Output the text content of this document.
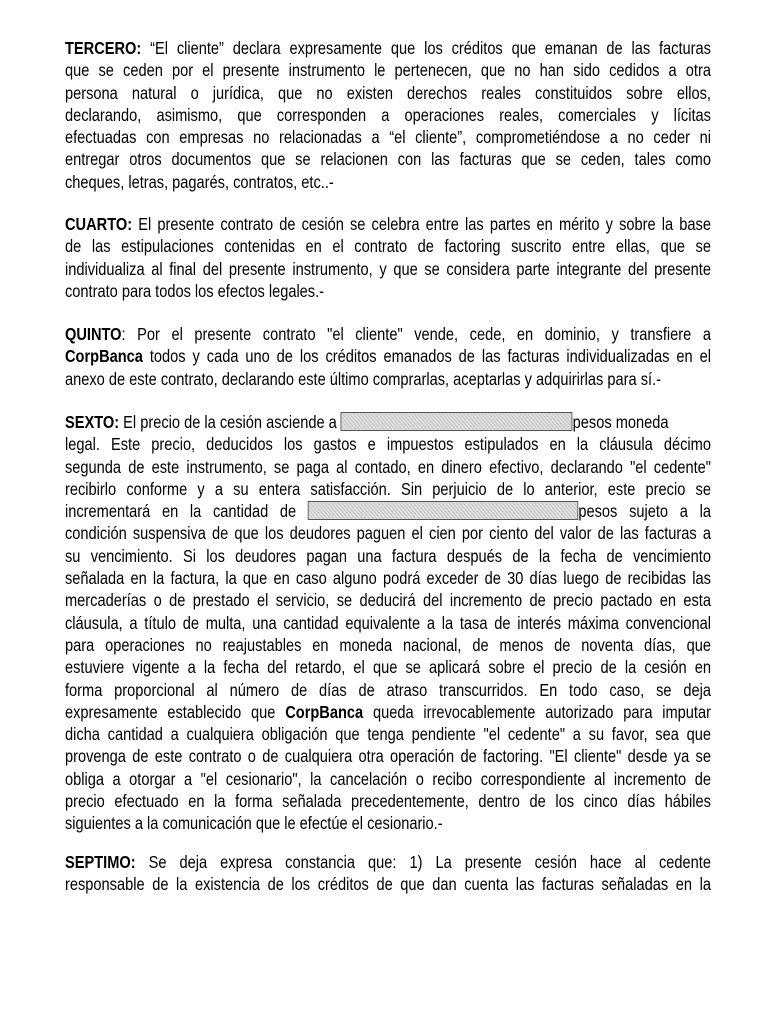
TERCERO: “El cliente” declara expresamente que los créditos que emanan de las facturas
que se ceden por el presente instrumento le pertenecen, que no han sido cedidos a otra
persona natural o jurídica, que no existen derechos reales constituidos sobre ellos,
declarando, asimismo, que corresponden a operaciones reales, comerciales y lícitas
efectuadas con empresas no relacionadas a “el cliente”, comprometiéndose a no ceder ni
entregar otros documentos que se relacionen con las facturas que se ceden, tales como
cheques, letras, pagarés, contratos, etc..-
CUARTO: El presente contrato de cesión se celebra entre las partes en mérito y sobre la base
de las estipulaciones contenidas en el contrato de factoring suscrito entre ellas, que se
individualiza al final del presente instrumento, y que se considera parte integrante del presente
contrato para todos los efectos legales.-
QUINTO: Por el presente contrato "el cliente" vende, cede, en dominio, y transfiere a
CorpBanca todos y cada uno de los créditos emanados de las facturas individualizadas en el
anexo de este contrato, declarando este último comprarlas, aceptarlas y adquirirlas para sí.-
SEXTO: El precio de la cesión asciende a	pesos moneda
legal. Este precio, deducidos los gastos e impuestos estipulados en la cláusula décimo
segunda de este instrumento, se paga al contado, en dinero efectivo, declarando "el cedente"
recibirlo conforme y a su entera satisfacción. Sin perjuicio de lo anterior, este precio se
incrementará en la cantidad de	pesos sujeto a la
condición suspensiva de que los deudores paguen el cien por ciento del valor de las facturas a
su vencimiento. Si los deudores pagan una factura después de la fecha de vencimiento
señalada en la factura, la que en caso alguno podrá exceder de 30 días luego de recibidas las
mercaderías o de prestado el servicio, se deducirá del incremento de precio pactado en esta
cláusula, a título de multa, una cantidad equivalente a la tasa de interés máxima convencional
para operaciones no reajustables en moneda nacional, de menos de noventa días, que
estuviere vigente a la fecha del retardo, el que se aplicará sobre el precio de la cesión en
forma proporcional al número de días de atraso transcurridos. En todo caso, se deja
expresamente establecido que CorpBanca queda irrevocablemente autorizado para imputar
dicha cantidad a cualquiera obligación que tenga pendiente "el cedente" a su favor, sea que
provenga de este contrato o de cualquiera otra operación de factoring. "El cliente" desde ya se
obliga a otorgar a "el cesionario", la cancelación o recibo correspondiente al incremento de
precio efectuado en la forma señalada precedentemente, dentro de los cinco días hábiles
siguientes a la comunicación que le efectúe el cesionario.-
SEPTIMO: Se deja expresa constancia que: 1) La presente cesión hace al cedente
responsable de la existencia de los créditos de que dan cuenta las facturas señaladas en la
